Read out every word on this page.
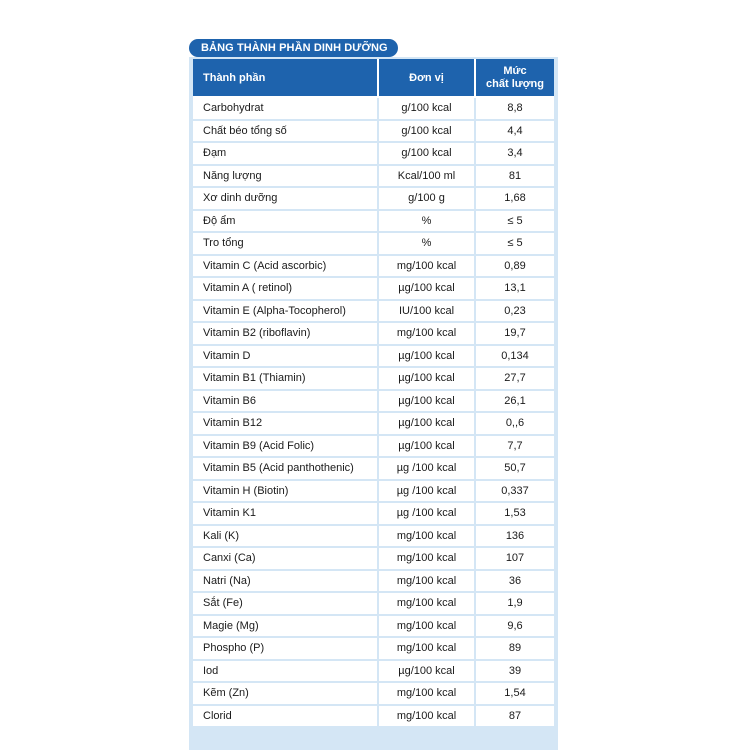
BẢNG THÀNH PHẦN DINH DƯỠNG
Thành phần	Đơn vị	Mức
chất lượng
Carbohydrat	g/100 kcal	8,8
Chất béo tổng số	g/100 kcal	4,4
Đạm	g/100 kcal	3,4
Năng lượng	Kcal/100 ml	81
Xơ dinh dưỡng	g/100 g	1,68
Độ ẩm	%	≤ 5
Tro tổng	%	≤ 5
Vitamin C (Acid ascorbic)	mg/100 kcal	0,89
Vitamin A ( retinol)	µg/100 kcal	13,1
Vitamin E (Alpha-Tocopherol)	IU/100 kcal	0,23
Vitamin B2 (riboflavin)	mg/100 kcal	19,7
Vitamin D	µg/100 kcal	0,134
Vitamin B1 (Thiamin)	µg/100 kcal	27,7
Vitamin B6	µg/100 kcal	26,1
Vitamin B12	µg/100 kcal	0,,6
Vitamin B9 (Acid Folic)	µg/100 kcal	7,7
Vitamin B5 (Acid panthothenic)	µg /100 kcal	50,7
Vitamin H (Biotin)	µg /100 kcal	0,337
Vitamin K1	µg /100 kcal	1,53
Kali (K)	mg/100 kcal	136
Canxi (Ca)	mg/100 kcal	107
Natri (Na)	mg/100 kcal	36
Sắt (Fe)	mg/100 kcal	1,9
Magie (Mg)	mg/100 kcal	9,6
Phospho (P)	mg/100 kcal	89
Iod	µg/100 kcal	39
Kẽm (Zn)	mg/100 kcal	1,54
Clorid	mg/100 kcal	87
